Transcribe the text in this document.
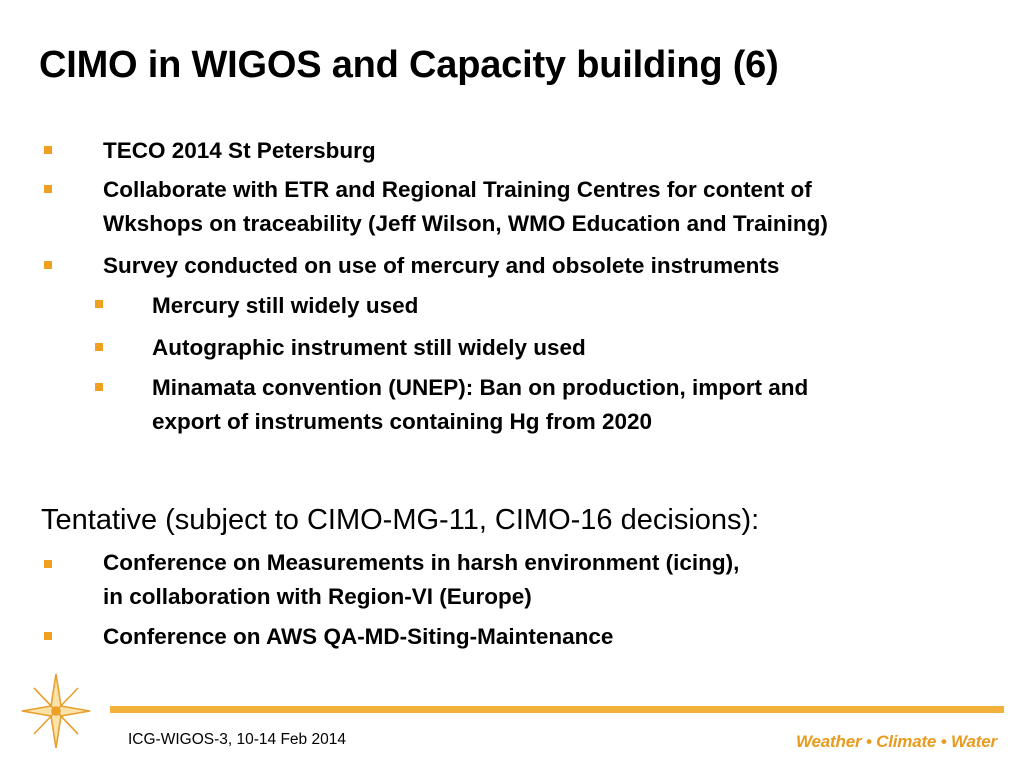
CIMO in WIGOS and Capacity building (6)
TECO 2014 St Petersburg
Collaborate with ETR and Regional Training Centres for content of
Wkshops on traceability (Jeff Wilson, WMO Education and Training)
Survey conducted on use of mercury and obsolete instruments
Mercury still widely used
Autographic instrument still widely used
Minamata convention (UNEP): Ban on production, import and
export of instruments containing Hg from 2020
Tentative (subject to CIMO-MG-11, CIMO-16 decisions):
Conference on Measurements in harsh environment (icing),
in collaboration with Region-VI (Europe)
Conference on AWS QA-MD-Siting-Maintenance
ICG-WIGOS-3, 10-14 Feb 2014	Weather • Climate • Water
